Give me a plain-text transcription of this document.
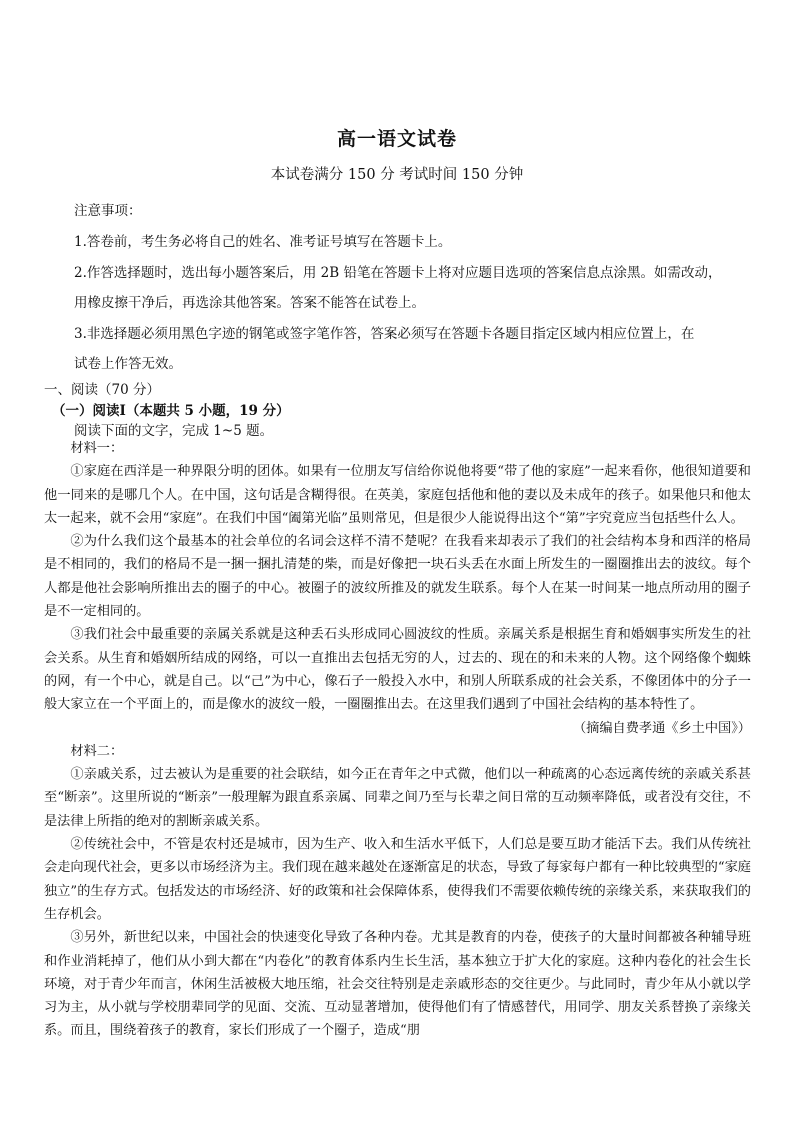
高一语文试卷
本试卷满分 150 分 考试时间 150 分钟
注意事项：
1.答卷前，考生务必将自己的姓名、准考证号填写在答题卡上。
2.作答选择题时，选出每小题答案后，用 2B 铅笔在答题卡上将对应题目选项的答案信息点涂黑。如需改动，
用橡皮擦干净后，再选涂其他答案。答案不能答在试卷上。
3.非选择题必须用黑色字迹的钢笔或签字笔作答，答案必须写在答题卡各题目指定区域内相应位置上，在
试卷上作答无效。
一、阅读（70 分）
（一）阅读Ⅰ（本题共 5 小题，19 分）
阅读下面的文字，完成 1~5 题。

材料一：

①家庭在西洋是一种界限分明的团体。如果有一位朋友写信给你说他将要“带了他的家庭”一起来看你，他很知道要和他一同来的是哪几个人。在中国，这句话是含糊得很。在英美，家庭包括他和他的妻以及未成年的孩子。如果他只和他太太一起来，就不会用“家庭”。在我们中国“阖第光临”虽则常见，但是很少人能说得出这个“第”字究竟应当包括些什么人。

②为什么我们这个最基本的社会单位的名词会这样不清不楚呢？在我看来却表示了我们的社会结构本身和西洋的格局是不相同的，我们的格局不是一捆一捆扎清楚的柴，而是好像把一块石头丢在水面上所发生的一圈圈推出去的波纹。每个人都是他社会影响所推出去的圈子的中心。被圈子的波纹所推及的就发生联系。每个人在某一时间某一地点所动用的圈子是不一定相同的。

③我们社会中最重要的亲属关系就是这种丢石头形成同心圆波纹的性质。亲属关系是根据生育和婚姻事实所发生的社会关系。从生育和婚姻所结成的网络，可以一直推出去包括无穷的人，过去的、现在的和未来的人物。这个网络像个蜘蛛的网，有一个中心，就是自己。以“己”为中心，像石子一般投入水中，和别人所联系成的社会关系，不像团体中的分子一般大家立在一个平面上的，而是像水的波纹一般，一圈圈推出去。在这里我们遇到了中国社会结构的基本特性了。

（摘编自费孝通《乡土中国》）

材料二：

①亲戚关系，过去被认为是重要的社会联结，如今正在青年之中式微，他们以一种疏离的心态远离传统的亲戚关系甚至“断亲”。这里所说的“断亲”一般理解为跟直系亲属、同辈之间乃至与长辈之间日常的互动频率降低，或者没有交往，不是法律上所指的绝对的割断亲戚关系。

②传统社会中，不管是农村还是城市，因为生产、收入和生活水平低下，人们总是要互助才能活下去。我们从传统社会走向现代社会，更多以市场经济为主。我们现在越来越处在逐渐富足的状态，导致了每家每户都有一种比较典型的“家庭独立”的生存方式。包括发达的市场经济、好的政策和社会保障体系，使得我们不需要依赖传统的亲缘关系，来获取我们的生存机会。

③另外，新世纪以来，中国社会的快速变化导致了各种内卷。尤其是教育的内卷，使孩子的大量时间都被各种辅导班和作业消耗掉了，他们从小到大都在“内卷化”的教育体系内生长生活，基本独立于扩大化的家庭。这种内卷化的社会生长环境，对于青少年而言，休闲生活被极大地压缩，社会交往特别是走亲戚形态的交往更少。与此同时，青少年从小就以学习为主，从小就与学校朋辈同学的见面、交流、互动显著增加，使得他们有了情感替代，用同学、朋友关系替换了亲缘关系。而且，围绕着孩子的教育，家长们形成了一个圈子，造成“朋
